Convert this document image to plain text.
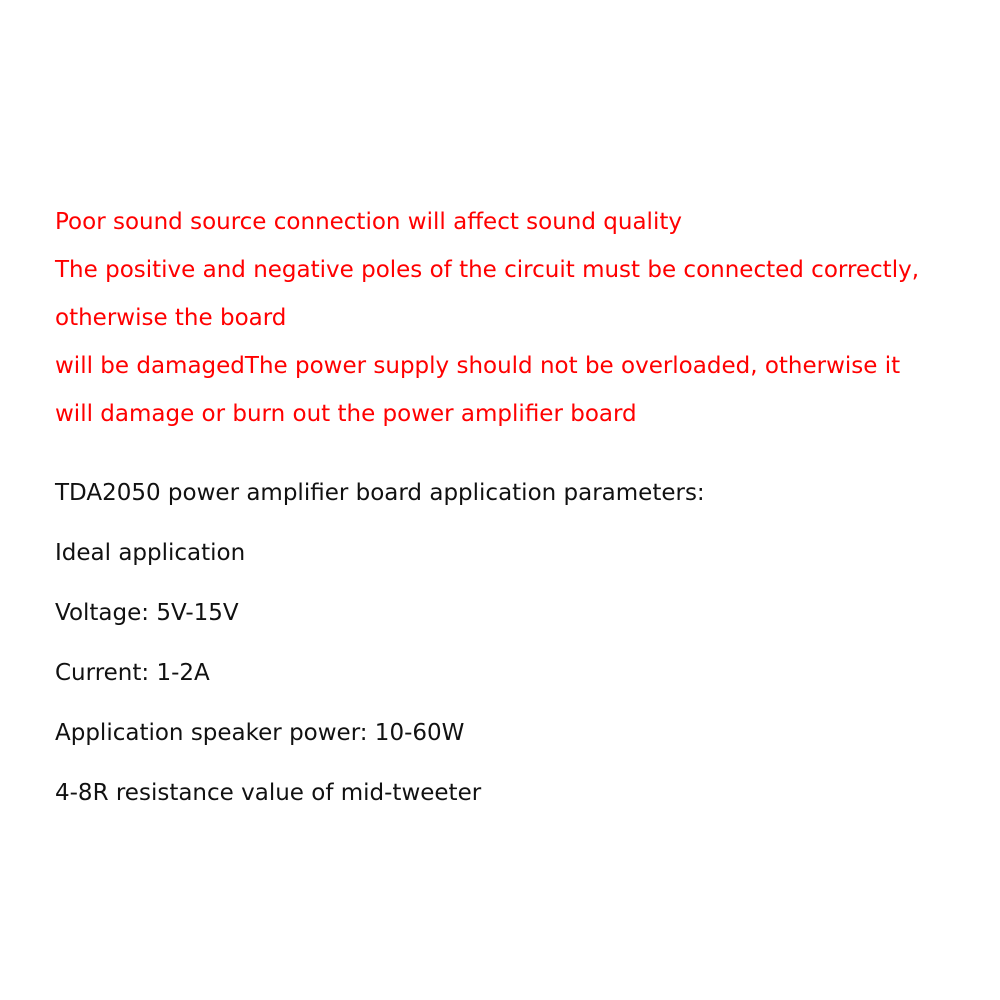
Poor sound source connection will affect sound quality
The positive and negative poles of the circuit must be connected correctly,
otherwise the board
will be damagedThe power supply should not be overloaded, otherwise it
will damage or burn out the power amplifier board
TDA2050 power amplifier board application parameters:
Ideal application
Voltage: 5V-15V
Current: 1-2A
Application speaker power: 10-60W
4-8R resistance value of mid-tweeter
